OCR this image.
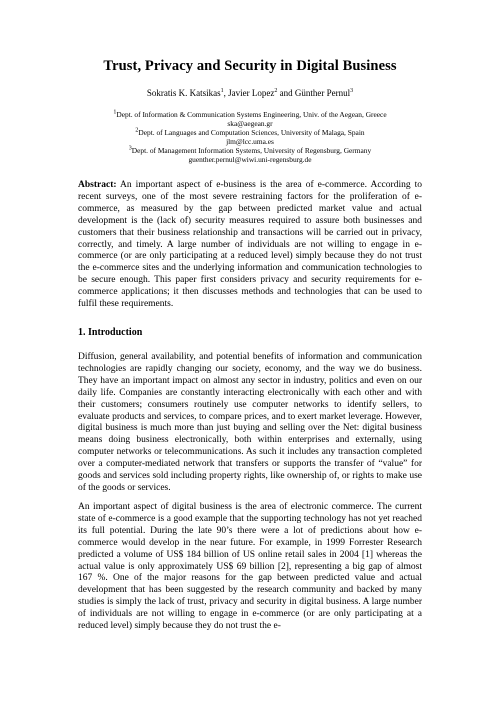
Trust, Privacy and Security in Digital Business
Sokratis K. Katsikas$^1$, Javier Lopez$^2$ and Günther Pernul$^3$
$^1$Dept. of Information & Communication Systems Engineering, Univ. of the Aegean, Greece
ska@aegean.gr
$^2$Dept. of Languages and Computation Sciences, University of Malaga, Spain
jlm@lcc.uma.es
$^3$Dept. of Management Information Systems, University of Regensburg, Germany
guenther.pernul@wiwi.uni-regensburg.de

Abstract: An important aspect of e-business is the area of e-commerce. According to recent surveys, one of the most severe restraining factors for the proliferation of e-commerce, as measured by the gap between predicted market value and actual development is the (lack of) security measures required to assure both businesses and customers that their business relationship and transactions will be carried out in privacy, correctly, and timely. A large number of individuals are not willing to engage in e-commerce (or are only participating at a reduced level) simply because they do not trust the e-commerce sites and the underlying information and communication technologies to be secure enough. This paper first considers privacy and security requirements for e-commerce applications; it then discusses methods and technologies that can be used to fulfil these requirements.

1. Introduction

Diffusion, general availability, and potential benefits of information and communication technologies are rapidly changing our society, economy, and the way we do business. They have an important impact on almost any sector in industry, politics and even on our daily life. Companies are constantly interacting electronically with each other and with their customers; consumers routinely use computer networks to identify sellers, to evaluate products and services, to compare prices, and to exert market leverage. However, digital business is much more than just buying and selling over the Net: digital business means doing business electronically, both within enterprises and externally, using computer networks or telecommunications. As such it includes any transaction completed over a computer-mediated network that transfers or supports the transfer of “value” for goods and services sold including property rights, like ownership of, or rights to make use of the goods or services.

An important aspect of digital business is the area of electronic commerce. The current state of e-commerce is a good example that the supporting technology has not yet reached its full potential. During the late 90’s there were a lot of predictions about how e-commerce would develop in the near future. For example, in 1999 Forrester Research predicted a volume of US$ 184 billion of US online retail sales in 2004 [1] whereas the actual value is only approximately US$ 69 billion [2], representing a big gap of almost 167 %. One of the major reasons for the gap between predicted value and actual development that has been suggested by the research community and backed by many studies is simply the lack of trust, privacy and security in digital business. A large number of individuals are not willing to engage in e-commerce (or are only participating at a reduced level) simply because they do not trust the e-
